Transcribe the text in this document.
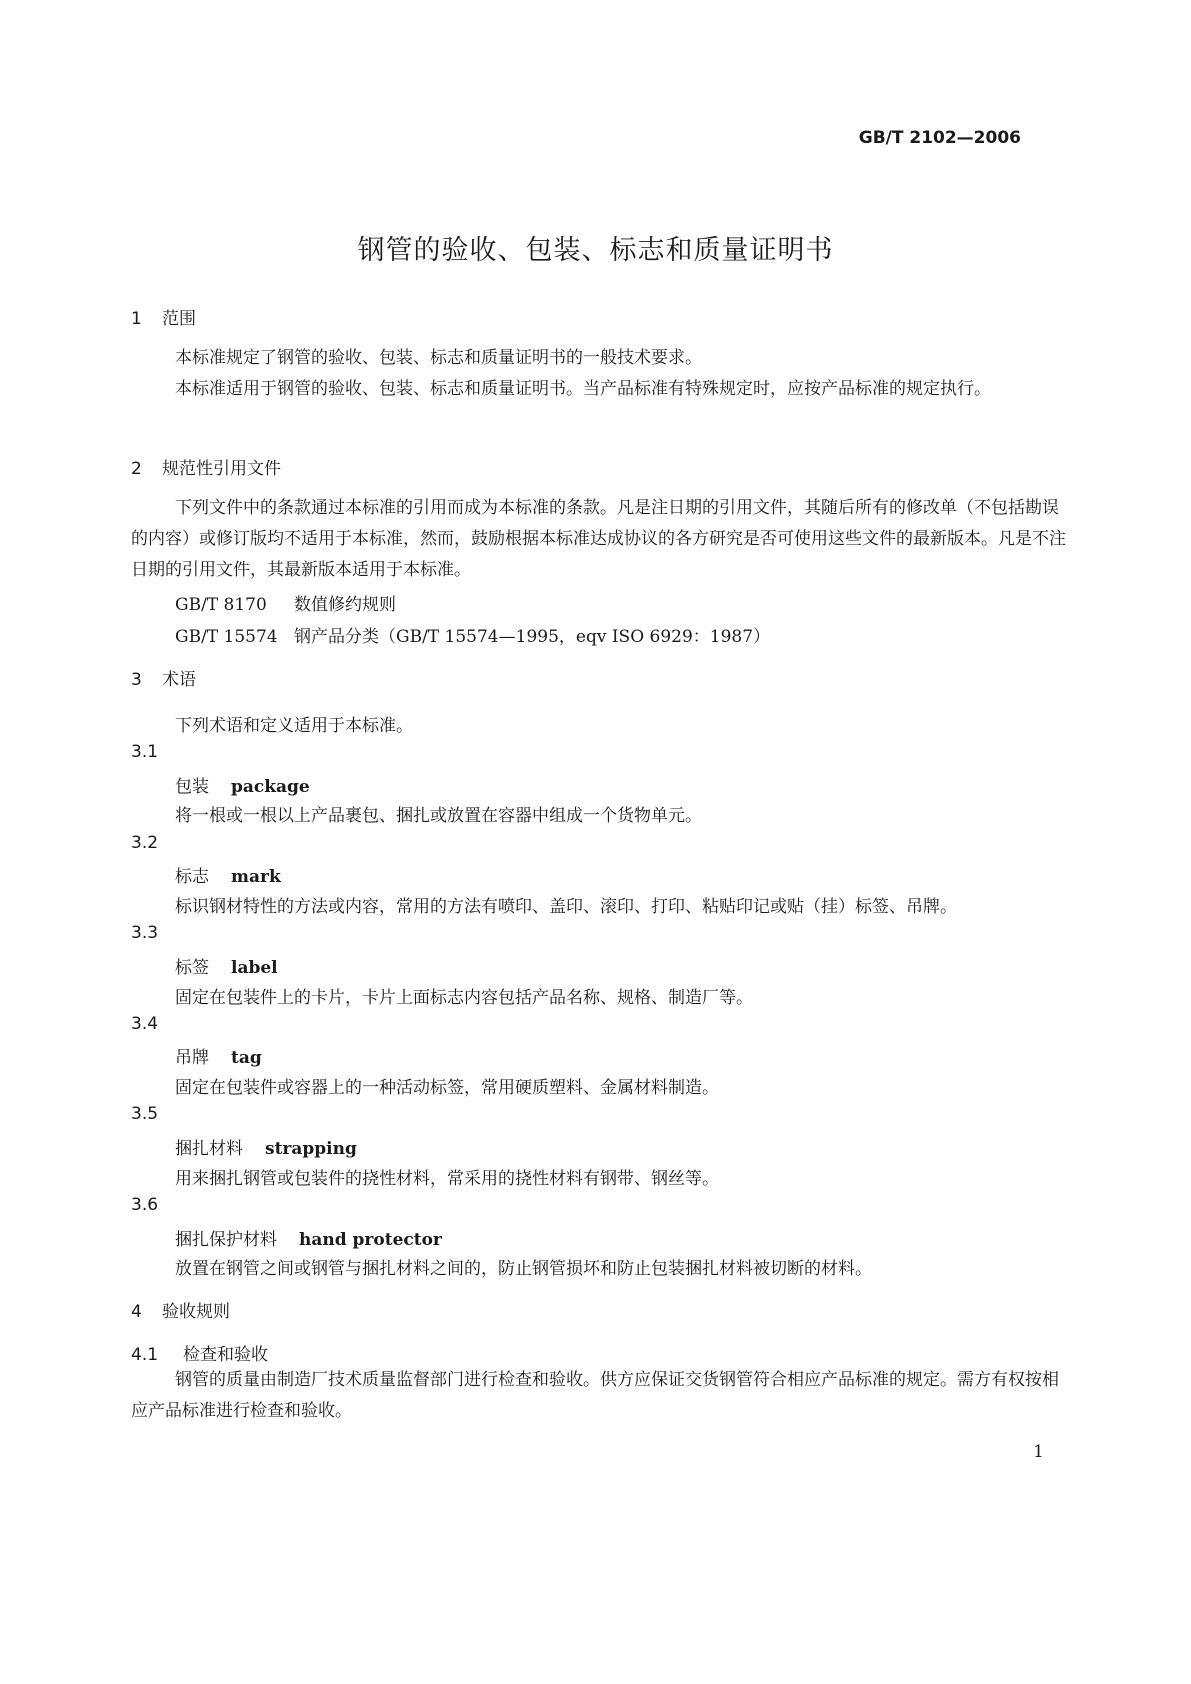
GB/T 2102—2006
钢管的验收、包装、标志和质量证明书
1 范围
本标准规定了钢管的验收、包装、标志和质量证明书的一般技术要求。
本标准适用于钢管的验收、包装、标志和质量证明书。当产品标准有特殊规定时，应按产品标准的规定执行。
2 规范性引用文件
下列文件中的条款通过本标准的引用而成为本标准的条款。凡是注日期的引用文件，其随后所有的修改单（不包括勘误的内容）或修订版均不适用于本标准，然而，鼓励根据本标准达成协议的各方研究是否可使用这些文件的最新版本。凡是不注日期的引用文件，其最新版本适用于本标准。
GB/T 8170 数值修约规则
GB/T 15574 钢产品分类（GB/T 15574—1995，eqv ISO 6929：1987）
3 术语
下列术语和定义适用于本标准。
3.1
包装 package
将一根或一根以上产品裹包、捆扎或放置在容器中组成一个货物单元。
3.2
标志 mark
标识钢材特性的方法或内容，常用的方法有喷印、盖印、滚印、打印、粘贴印记或贴（挂）标签、吊牌。
3.3
标签 label
固定在包装件上的卡片，卡片上面标志内容包括产品名称、规格、制造厂等。
3.4
吊牌 tag
固定在包装件或容器上的一种活动标签，常用硬质塑料、金属材料制造。
3.5
捆扎材料 strapping
用来捆扎钢管或包装件的挠性材料，常采用的挠性材料有钢带、钢丝等。
3.6
捆扎保护材料 hand protector
放置在钢管之间或钢管与捆扎材料之间的，防止钢管损坏和防止包装捆扎材料被切断的材料。
4 验收规则
4.1 检查和验收
钢管的质量由制造厂技术质量监督部门进行检查和验收。供方应保证交货钢管符合相应产品标准的规定。需方有权按相应产品标准进行检查和验收。
1
